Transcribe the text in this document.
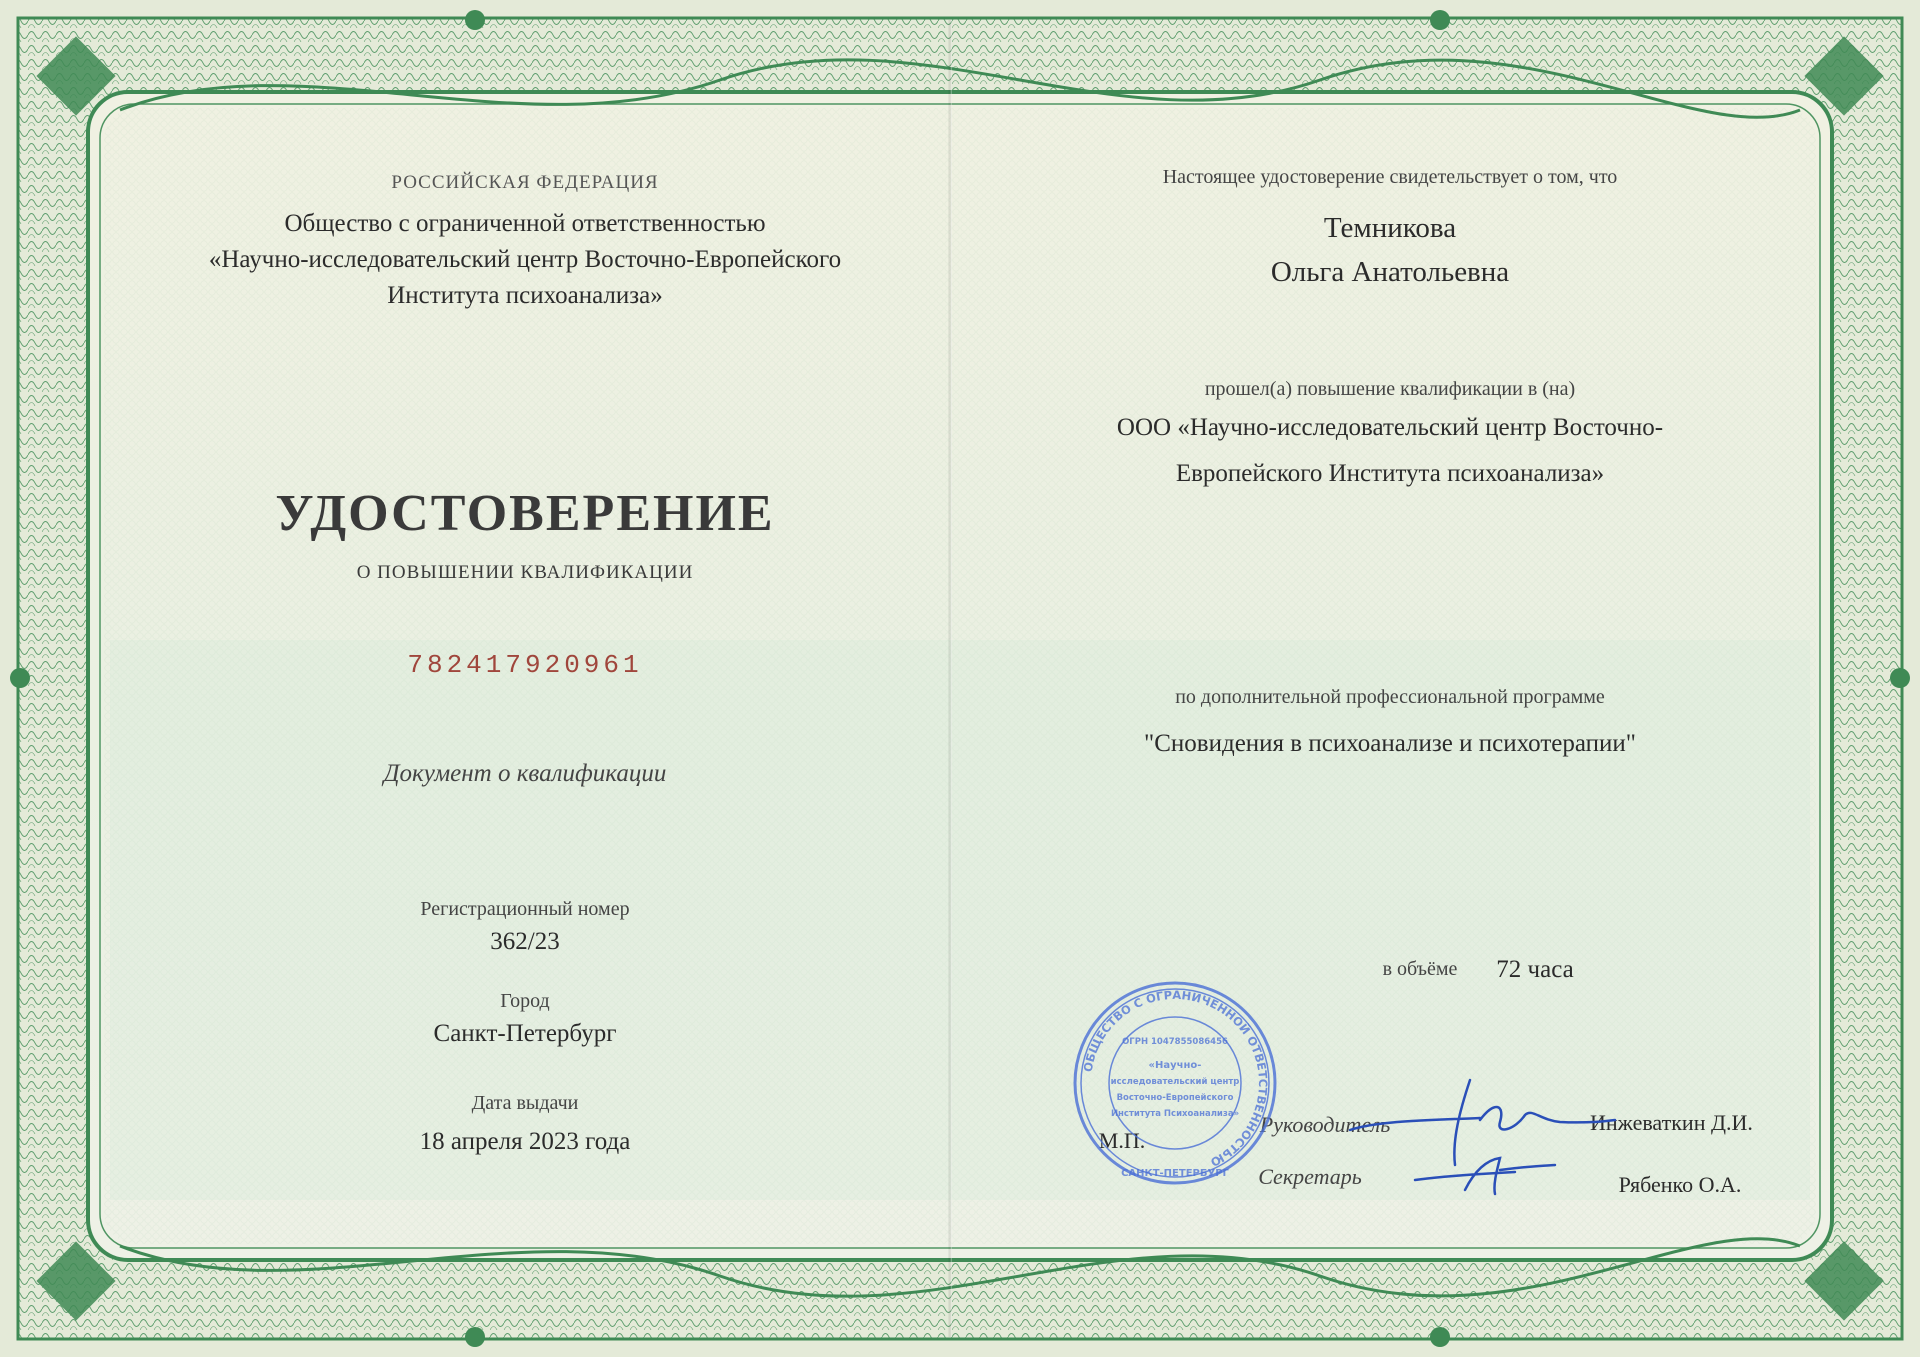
РОССИЙСКАЯ ФЕДЕРАЦИЯ
Общество с ограниченной ответственностью
«Научно-исследовательский центр Восточно-Европейского
Института психоанализа»
УДОСТОВЕРЕНИЕ
О ПОВЫШЕНИИ КВАЛИФИКАЦИИ
782417920961
Документ о квалификации
Регистрационный номер
362/23
Город
Санкт-Петербург
Дата выдачи
18 апреля 2023 года
Настоящее удостоверение свидетельствует о том, что
Темникова
Ольга Анатольевна
прошел(а) повышение квалификации в (на)
ООО «Научно-исследовательский центр Восточно-
Европейского Института психоанализа»
по дополнительной профессиональной программе
"Сновидения в психоанализе и психотерапии"
в объёме	72 часа
М.П.
Руководитель	Инжеваткин Д.И.
Секретарь	Рябенко О.А.
ОБЩЕСТВО С ОГРАНИЧЕННОЙ ОТВЕТСТВЕННОСТЬЮ
ОГРН 1047855086456
«Научно-
исследовательский центр
Восточно-Европейского
Института Психоанализа»
САНКТ-ПЕТЕРБУРГ
